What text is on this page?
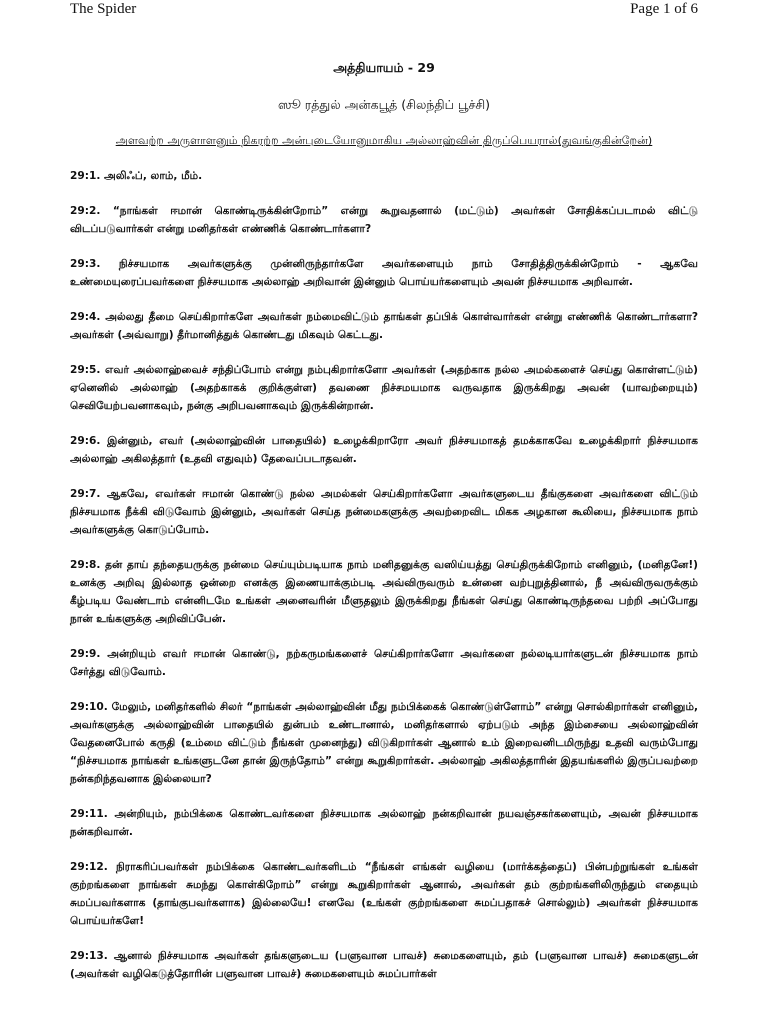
The Spider	Page 1 of 6
அத்தியாயம் - 29
ஸூ ரத்துல் அன்கபூத் (சிலந்திப் பூச்சி)
அளவற்ற அருளாளனும் நிகரற்ற அன்புடையோனுமாகிய அல்லாஹ்வின் திருப்பெயரால்(துவங்குகின்றேன்)

29:1. அலிஃப், லாம், மீம்.

29:2. “நாங்கள் ஈமான் கொண்டிருக்கின்றோம்” என்று கூறுவதனால் (மட்டும்) அவர்கள் சோதிக்கப்படாமல் விட்டு விடப்படுவார்கள் என்று மனிதர்கள் எண்ணிக் கொண்டார்களா?

29:3. நிச்சயமாக அவர்களுக்கு முன்னிருந்தார்களே அவர்களையும் நாம் சோதித்திருக்கின்றோம் - ஆகவே உண்மையுரைப்பவர்களை நிச்சயமாக அல்லாஹ் அறிவான் இன்னும் பொய்யர்களையும் அவன் நிச்சயமாக அறிவான்.

29:4. அல்லது தீமை செய்கிறார்களே அவர்கள் நம்மைவிட்டும் தாங்கள் தப்பிக் கொள்வார்கள் என்று எண்ணிக் கொண்டார்களா? அவர்கள் (அவ்வாறு) தீர்மானித்துக் கொண்டது மிகவும் கெட்டது.

29:5. எவர் அல்லாஹ்வைச் சந்திப்போம் என்று நம்புகிறார்களோ அவர்கள் (அதற்காக நல்ல அமல்களைச் செய்து கொள்ளட்டும்) ஏனெனில் அல்லாஹ் (அதற்காகக் குறிக்குள்ள) தவணை நிச்சமயமாக வருவதாக இருக்கிறது அவன் (யாவற்றையும்) செவியேற்பவனாகவும், நன்கு அறிபவனாகவும் இருக்கின்றான்.

29:6. இன்னும், எவர் (அல்லாஹ்வின் பாதையில்) உழைக்கிறாரோ அவர் நிச்சயமாகத் தமக்காகவே உழைக்கிறார் நிச்சயமாக அல்லாஹ் அகிலத்தார் (உதவி எதுவும்) தேவைப்படாதவன்.

29:7. ஆகவே, எவர்கள் ஈமான் கொண்டு நல்ல அமல்கள் செய்கிறார்களோ அவர்களுடைய தீங்குகளை அவர்களை விட்டும் நிச்சயமாக நீக்கி விடுவோம் இன்னும், அவர்கள் செய்த நன்மைகளுக்கு அவற்றைவிட மிகக அழகான கூலியை, நிச்சயமாக நாம் அவர்களுக்கு கொடுப்போம்.

29:8. தன் தாய் தந்தையருக்கு நன்மை செய்யும்படியாக நாம் மனிதனுக்கு வஸிய்யத்து செய்திருக்கிறோம் எனினும், (மனிதனே!) உனக்கு அறிவு இல்லாத ஒன்றை எனக்கு இணையாக்கும்படி அவ்விருவரும் உன்னை வற்புறுத்தினால், நீ அவ்விருவருக்கும் கீழ்படிய வேண்டாம் என்னிடமே உங்கள் அனைவரின் மீளுதலும் இருக்கிறது நீங்கள் செய்து கொண்டிருந்தவை பற்றி அப்போது நான் உங்களுக்கு அறிவிப்பேன்.

29:9. அன்றியும் எவர் ஈமான் கொண்டு, நற்கருமங்களைச் செய்கிறார்களோ அவர்களை நல்லடியார்களுடன் நிச்சயமாக நாம் சேர்த்து விடுவோம்.

29:10. மேலும், மனிதர்களில் சிலர் “நாங்கள் அல்லாஹ்வின் மீது நம்பிக்கைக் கொண்டுள்ளோம்” என்று சொல்கிறார்கள் எனினும், அவர்களுக்கு அல்லாஹ்வின் பாதையில் துன்பம் உண்டானால், மனிதர்களால் ஏற்படும் அந்த இம்சையை அல்லாஹ்வின் வேதனைபோல் கருதி (உம்மை விட்டும் நீங்கள் முனைந்து) விடுகிறார்கள் ஆனால் உம் இறைவனிடமிருந்து உதவி வரும்போது “நிச்சயமாக நாங்கள் உங்களுடனே தான் இருந்தோம்” என்று கூறுகிறார்கள். அல்லாஹ் அகிலத்தாரின் இதயங்களில் இருப்பவற்றை நன்கறிந்தவனாக இல்லையா?

29:11. அன்றியும், நம்பிக்கை கொண்டவர்களை நிச்சயமாக அல்லாஹ் நன்கறிவான் நயவஞ்சகர்களையும், அவன் நிச்சயமாக நன்கறிவான்.

29:12. நிராகரிப்பவர்கள் நம்பிக்கை கொண்டவர்களிடம் “நீங்கள் எங்கள் வழியை (மார்க்கத்தைப்) பின்பற்றுங்கள் உங்கள் குற்றங்களை நாங்கள் சுமந்து கொள்கிறோம்” என்று கூறுகிறார்கள் ஆனால், அவர்கள் தம் குற்றங்களிலிருந்தும் எதையும் சுமப்பவர்களாக (தாங்குபவர்களாக) இல்லையே! எனவே (உங்கள் குற்றங்களை சுமப்பதாகச் சொல்லும்) அவர்கள் நிச்சயமாக பொய்யர்களே!

29:13. ஆனால் நிச்சயமாக அவர்கள் தங்களுடைய (பளுவான பாவச்) சுமைகளையும், தம் (பளுவான பாவச்) சுமைகளுடன் (அவர்கள் வழிகெடுத்தோரின் பளுவான பாவச்) சுமைகளையும் சுமப்பார்கள்
